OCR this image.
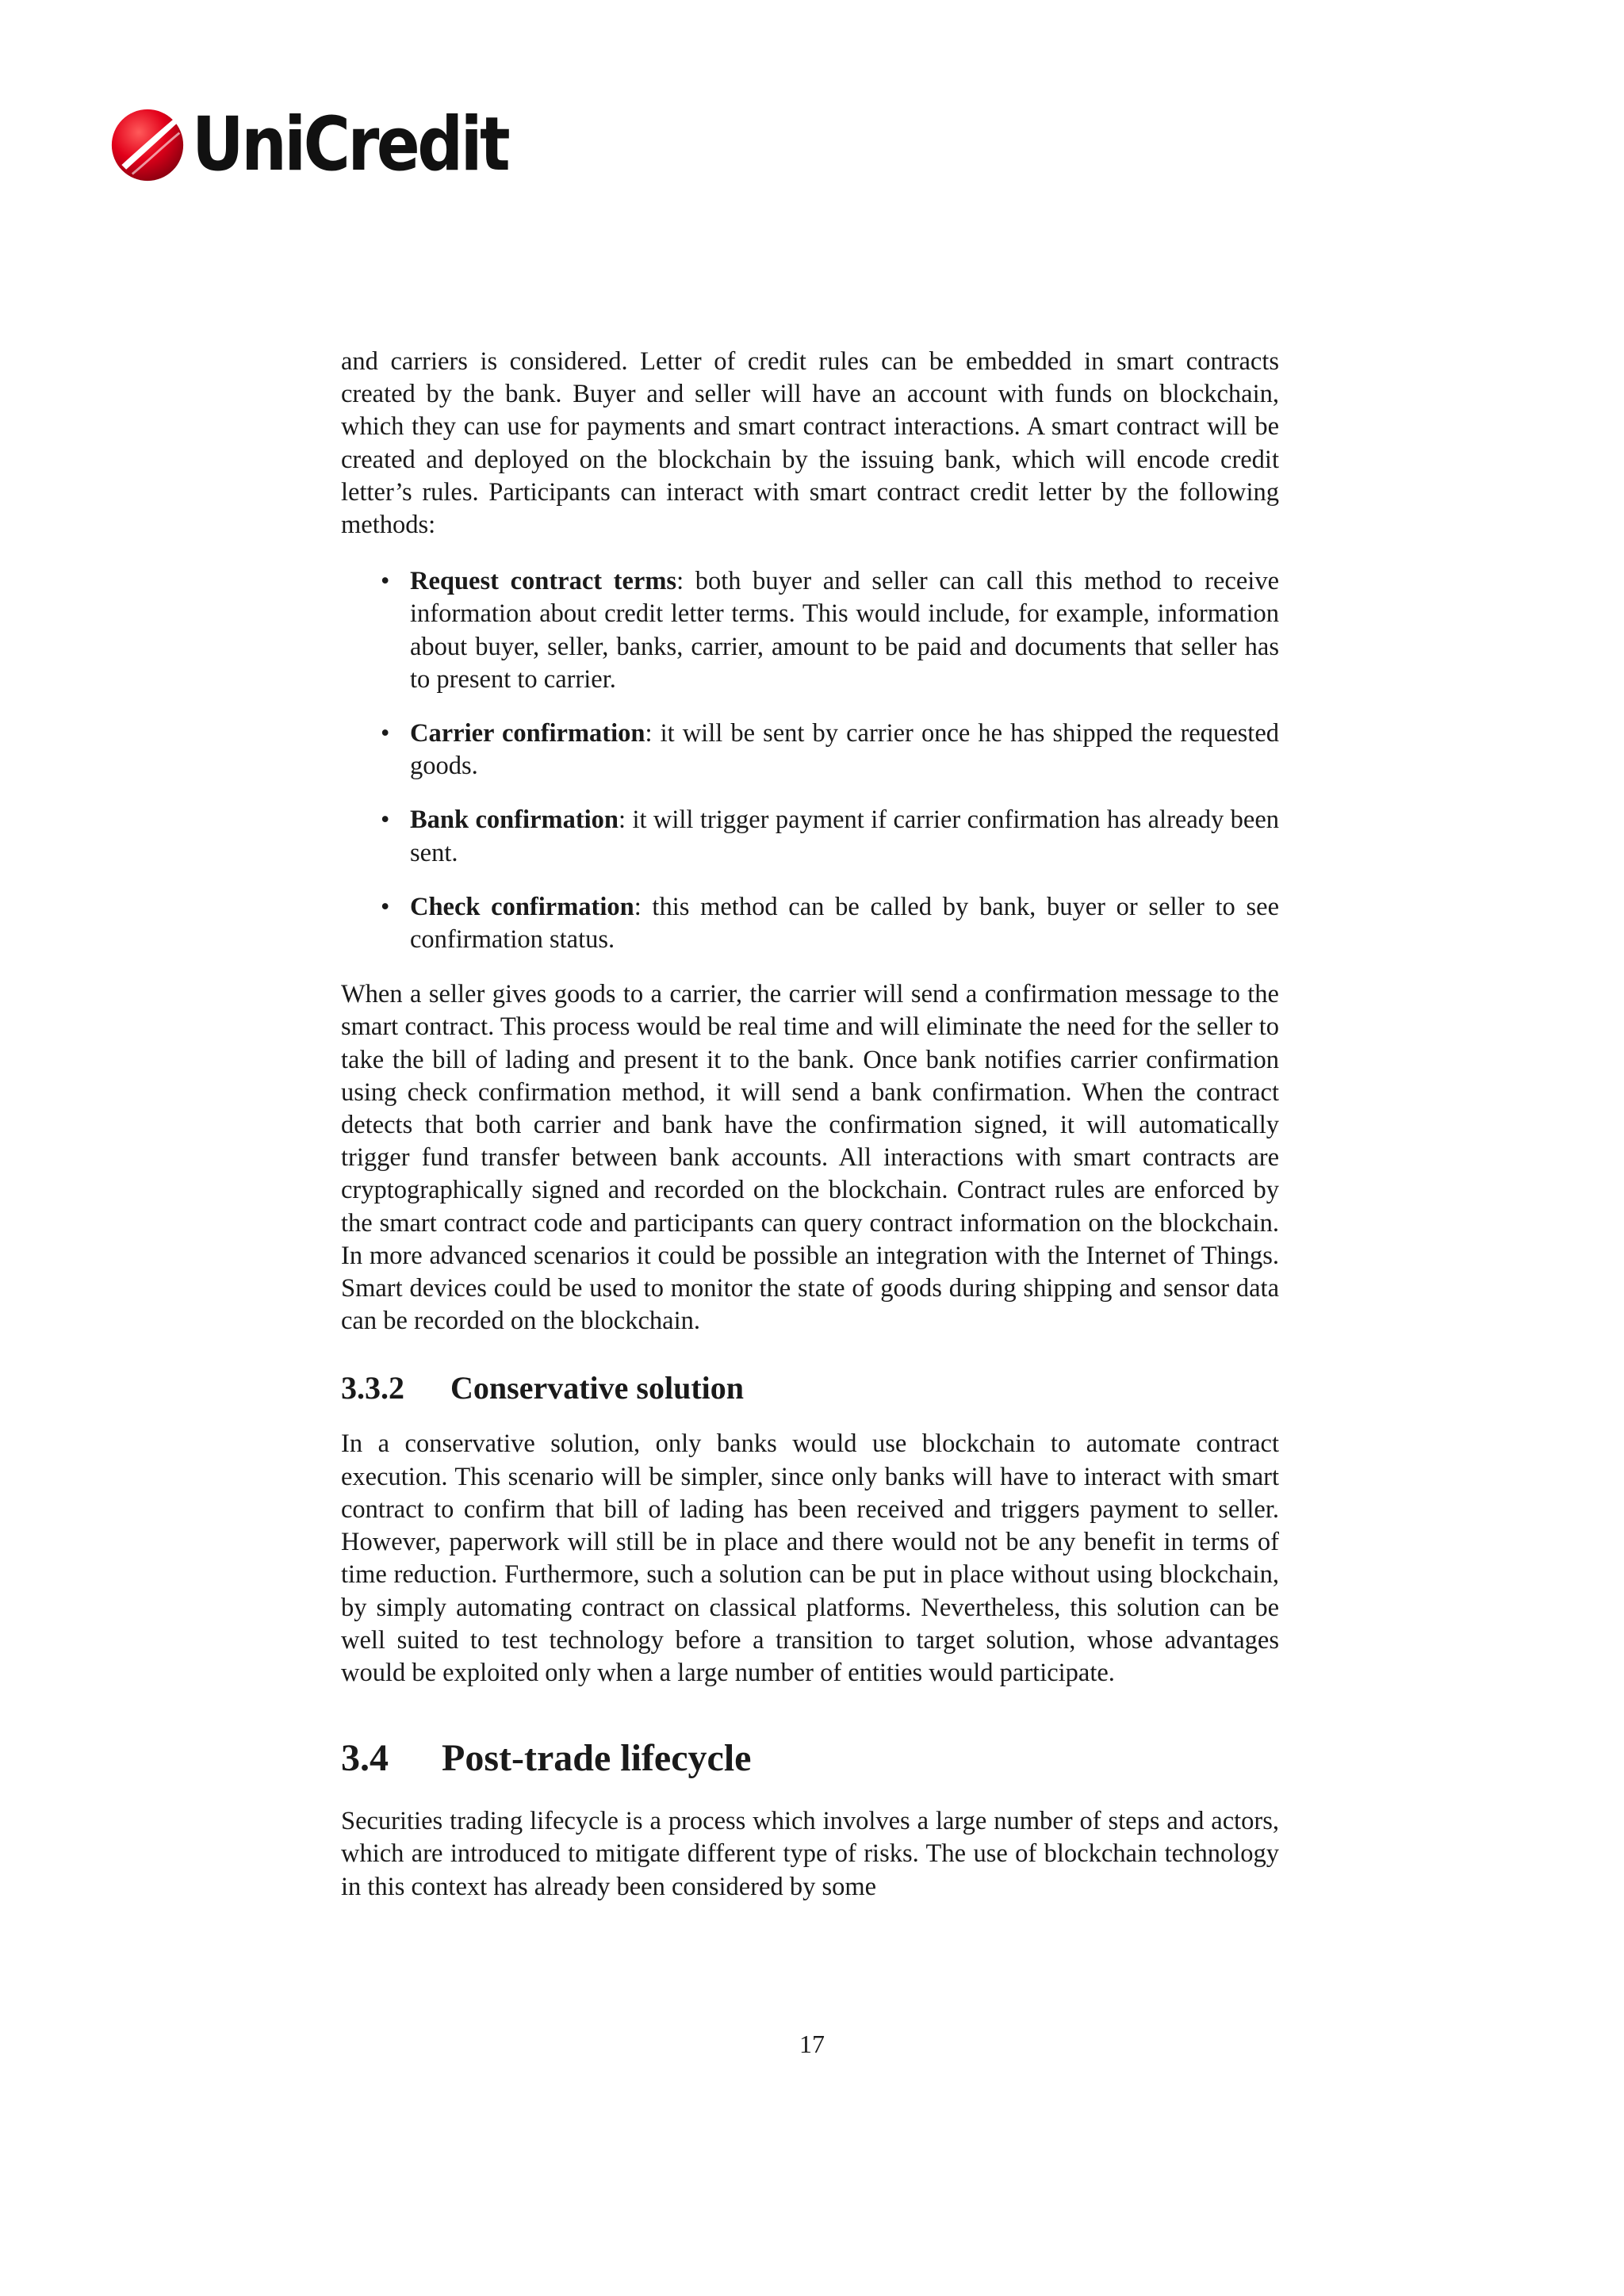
UniCredit

and carriers is considered. Letter of credit rules can be embedded in smart contracts created by the bank. Buyer and seller will have an account with funds on blockchain, which they can use for payments and smart contract interactions. A smart contract will be created and deployed on the blockchain by the issuing bank, which will encode credit letter’s rules. Participants can interact with smart contract credit letter by the following methods:

• Request contract terms: both buyer and seller can call this method to receive information about credit letter terms. This would include, for example, information about buyer, seller, banks, carrier, amount to be paid and documents that seller has to present to carrier.
• Carrier confirmation: it will be sent by carrier once he has shipped the requested goods.
• Bank confirmation: it will trigger payment if carrier confirmation has already been sent.
• Check confirmation: this method can be called by bank, buyer or seller to see confirmation status.

When a seller gives goods to a carrier, the carrier will send a confirmation message to the smart contract. This process would be real time and will eliminate the need for the seller to take the bill of lading and present it to the bank. Once bank notifies carrier confirmation using check confirmation method, it will send a bank confirmation. When the contract detects that both carrier and bank have the confirmation signed, it will automatically trigger fund transfer between bank accounts. All interactions with smart contracts are cryptographically signed and recorded on the blockchain. Contract rules are enforced by the smart contract code and participants can query contract information on the blockchain. In more advanced scenarios it could be possible an integration with the Internet of Things. Smart devices could be used to monitor the state of goods during shipping and sensor data can be recorded on the blockchain.

3.3.2 Conservative solution

In a conservative solution, only banks would use blockchain to automate contract execution. This scenario will be simpler, since only banks will have to interact with smart contract to confirm that bill of lading has been received and triggers payment to seller. However, paperwork will still be in place and there would not be any benefit in terms of time reduction. Furthermore, such a solution can be put in place without using blockchain, by simply automating contract on classical platforms. Nevertheless, this solution can be well suited to test technology before a transition to target solution, whose advantages would be exploited only when a large number of entities would participate.

3.4 Post-trade lifecycle

Securities trading lifecycle is a process which involves a large number of steps and actors, which are introduced to mitigate different type of risks. The use of blockchain technology in this context has already been considered by some

17
